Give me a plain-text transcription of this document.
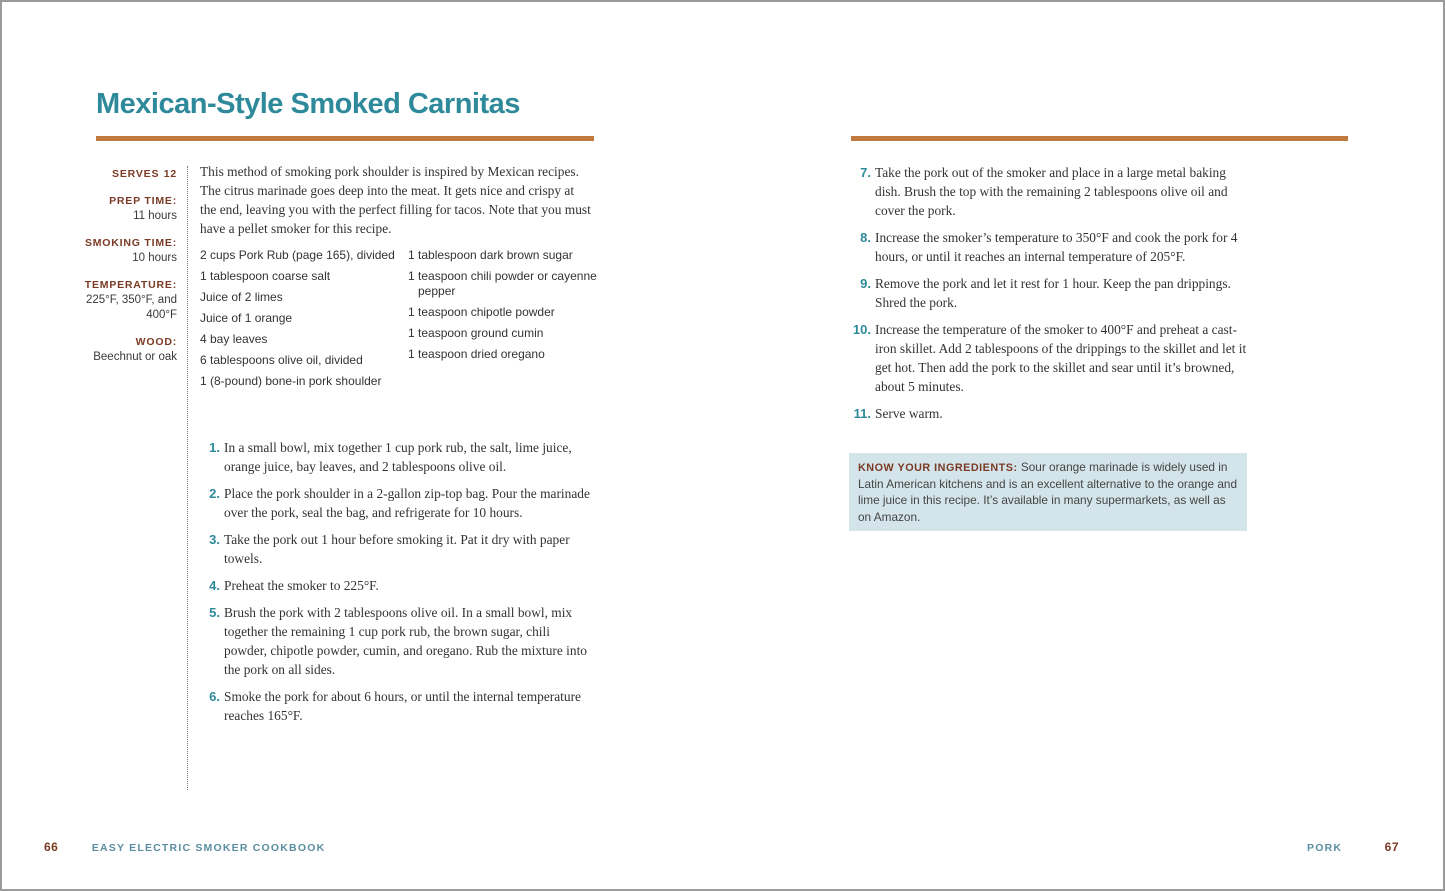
Mexican-Style Smoked Carnitas
SERVES 12
PREP TIME:
11 hours
SMOKING TIME:
10 hours
TEMPERATURE:
225°F, 350°F, and 400°F
WOOD:
Beechnut or oak

This method of smoking pork shoulder is inspired by Mexican recipes. The citrus marinade goes deep into the meat. It gets nice and crispy at the end, leaving you with the perfect filling for tacos. Note that you must have a pellet smoker for this recipe.

2 cups Pork Rub (page 165), divided
1 tablespoon coarse salt
Juice of 2 limes
Juice of 1 orange
4 bay leaves
6 tablespoons olive oil, divided
1 (8-pound) bone-in pork shoulder
1 tablespoon dark brown sugar
1 teaspoon chili powder or cayenne pepper
1 teaspoon chipotle powder
1 teaspoon ground cumin
1 teaspoon dried oregano
1. In a small bowl, mix together 1 cup pork rub, the salt, lime juice, orange juice, bay leaves, and 2 tablespoons olive oil.
2. Place the pork shoulder in a 2-gallon zip-top bag. Pour the marinade over the pork, seal the bag, and refrigerate for 10 hours.
3. Take the pork out 1 hour before smoking it. Pat it dry with paper towels.
4. Preheat the smoker to 225°F.
5. Brush the pork with 2 tablespoons olive oil. In a small bowl, mix together the remaining 1 cup pork rub, the brown sugar, chili powder, chipotle powder, cumin, and oregano. Rub the mixture into the pork on all sides.
6. Smoke the pork for about 6 hours, or until the internal temperature reaches 165°F.
7. Take the pork out of the smoker and place in a large metal baking dish. Brush the top with the remaining 2 tablespoons olive oil and cover the pork.
8. Increase the smoker’s temperature to 350°F and cook the pork for 4 hours, or until it reaches an internal temperature of 205°F.
9. Remove the pork and let it rest for 1 hour. Keep the pan drippings. Shred the pork.
10. Increase the temperature of the smoker to 400°F and preheat a cast-iron skillet. Add 2 tablespoons of the drippings to the skillet and let it get hot. Then add the pork to the skillet and sear until it’s browned, about 5 minutes.
11. Serve warm.
KNOW YOUR INGREDIENTS: Sour orange marinade is widely used in Latin American kitchens and is an excellent alternative to the orange and lime juice in this recipe. It’s available in many supermarkets, as well as on Amazon.
66	EASY ELECTRIC SMOKER COOKBOOK	PORK	67
